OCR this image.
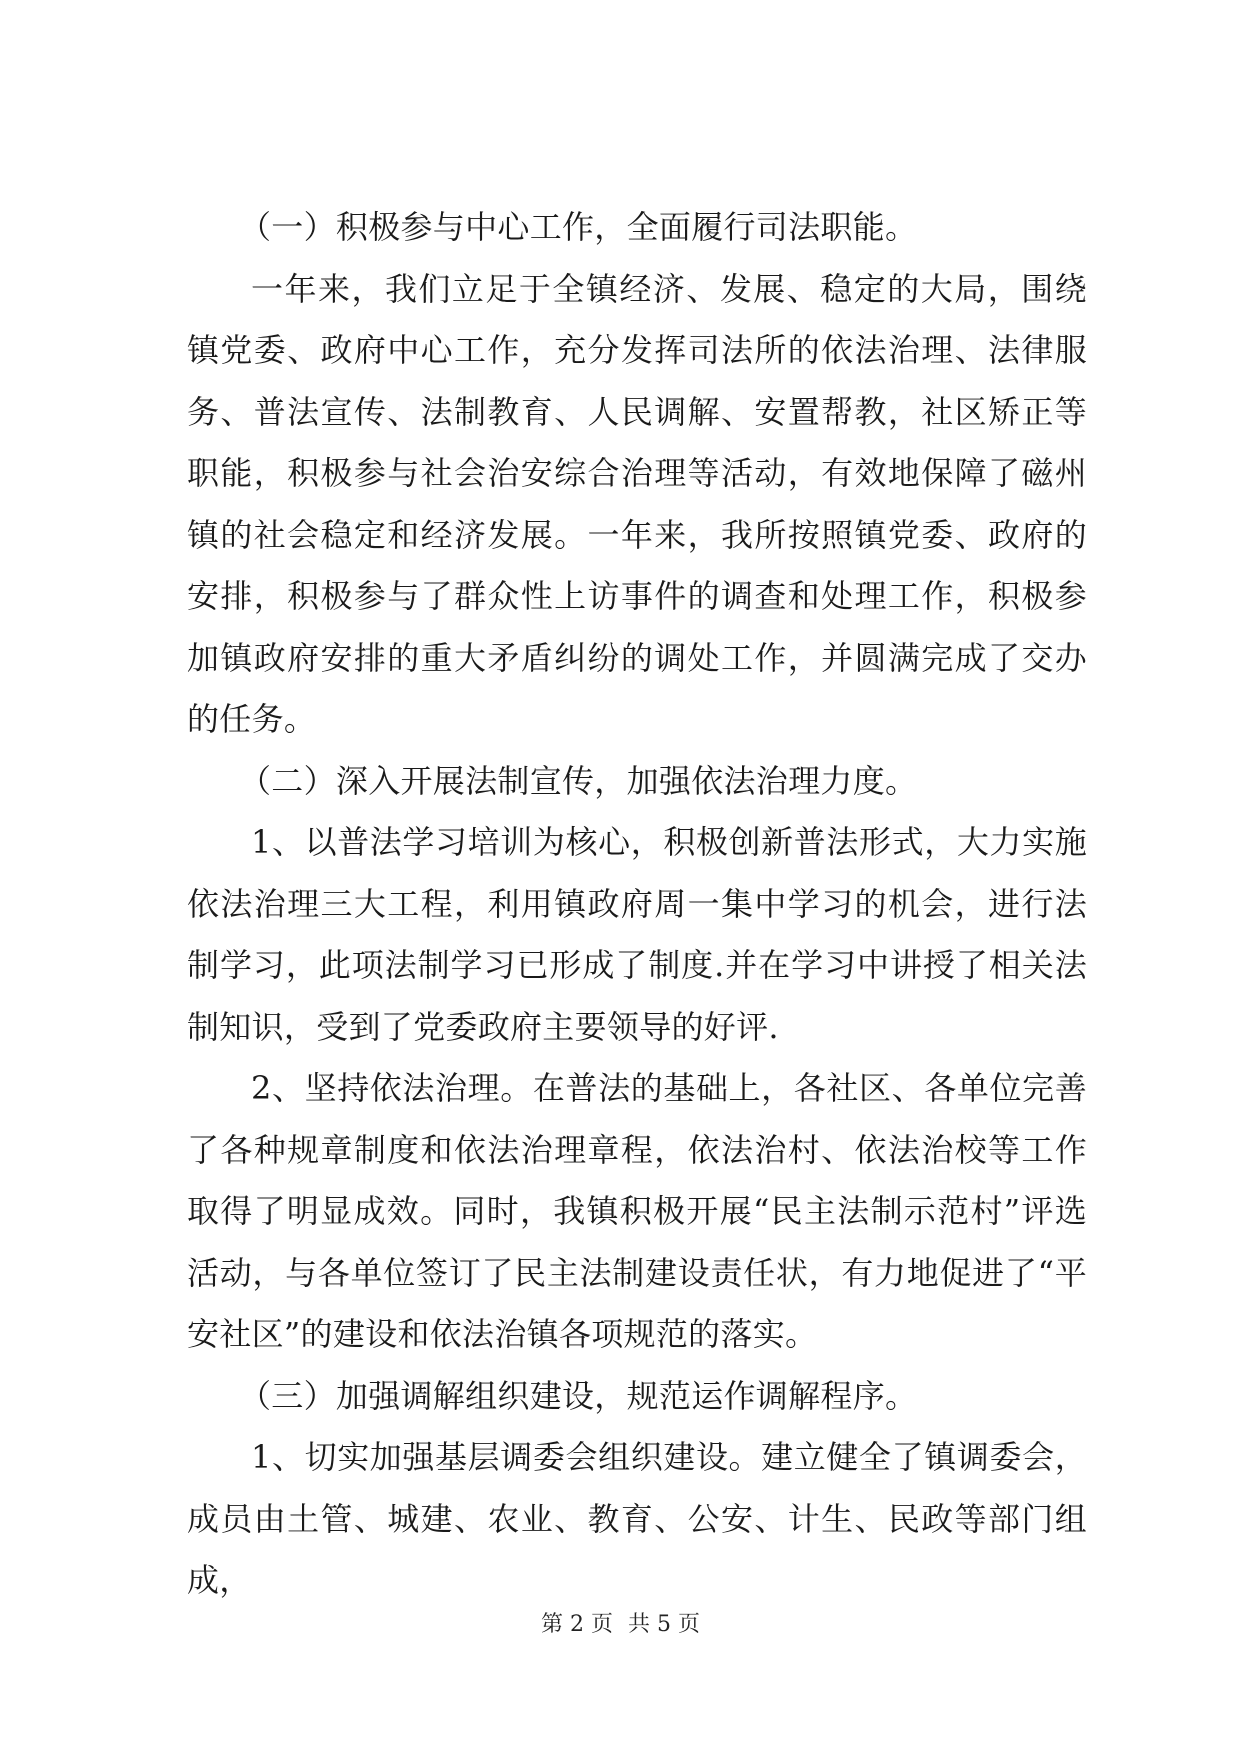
（一）积极参与中心工作，全面履行司法职能。

一年来，我们立足于全镇经济、发展、稳定的大局，围绕镇党委、政府中心工作，充分发挥司法所的依法治理、法律服务、普法宣传、法制教育、人民调解、安置帮教，社区矫正等职能，积极参与社会治安综合治理等活动，有效地保障了磁州镇的社会稳定和经济发展。一年来，我所按照镇党委、政府的安排，积极参与了群众性上访事件的调查和处理工作，积极参加镇政府安排的重大矛盾纠纷的调处工作，并圆满完成了交办的任务。

（二）深入开展法制宣传，加强依法治理力度。

1、以普法学习培训为核心，积极创新普法形式，大力实施依法治理三大工程，利用镇政府周一集中学习的机会，进行法制学习，此项法制学习已形成了制度.并在学习中讲授了相关法制知识，受到了党委政府主要领导的好评.

2、坚持依法治理。在普法的基础上，各社区、各单位完善了各种规章制度和依法治理章程，依法治村、依法治校等工作取得了明显成效。同时，我镇积极开展“民主法制示范村”评选活动，与各单位签订了民主法制建设责任状，有力地促进了“平安社区”的建设和依法治镇各项规范的落实。

（三）加强调解组织建设，规范运作调解程序。

1、切实加强基层调委会组织建设。建立健全了镇调委会，成员由土管、城建、农业、教育、公安、计生、民政等部门组成，

第 2 页 共 5 页
